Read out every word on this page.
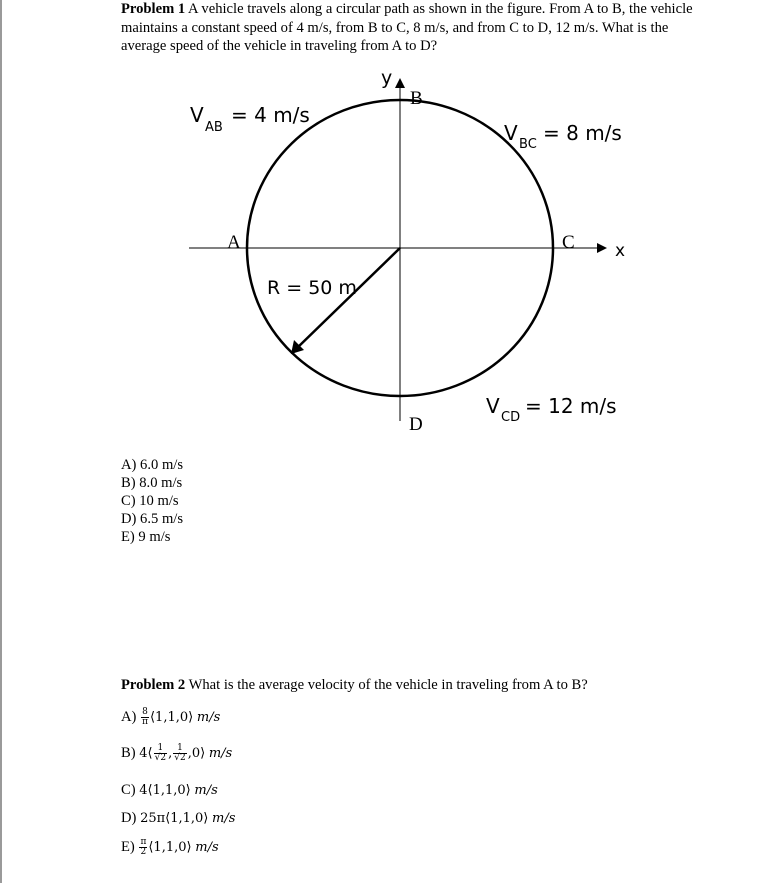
Problem 1 A vehicle travels along a circular path as shown in the figure. From A to B, the vehicle maintains a constant speed of 4 m/s, from B to C, 8 m/s, and from C to D, 12 m/s. What is the average speed of the vehicle in traveling from A to D?
y
x
A
B
C
D
V
AB
= 4 m/s
V BC = 8 m/s
V CD = 12 m/s
R = 50 m
A) 6.0 m/s
B) 8.0 m/s
C) 10 m/s
D) 6.5 m/s
E) 9 m/s
Problem 2 What is the average velocity of the vehicle in traveling from A to B?
$A) \frac{8}{\pi}$ ⟨1,1,0⟩ m/s
B) 4⟨ $\frac{1}{√2}$ , $\frac{1}{√2}$ ,0⟩ m/s
C) 4⟨1,1,0⟩ m/s
D) 25π⟨1,1,0⟩ m/s
$E) \frac{\pi}{2}$ ⟨1,1,0⟩ m/s
